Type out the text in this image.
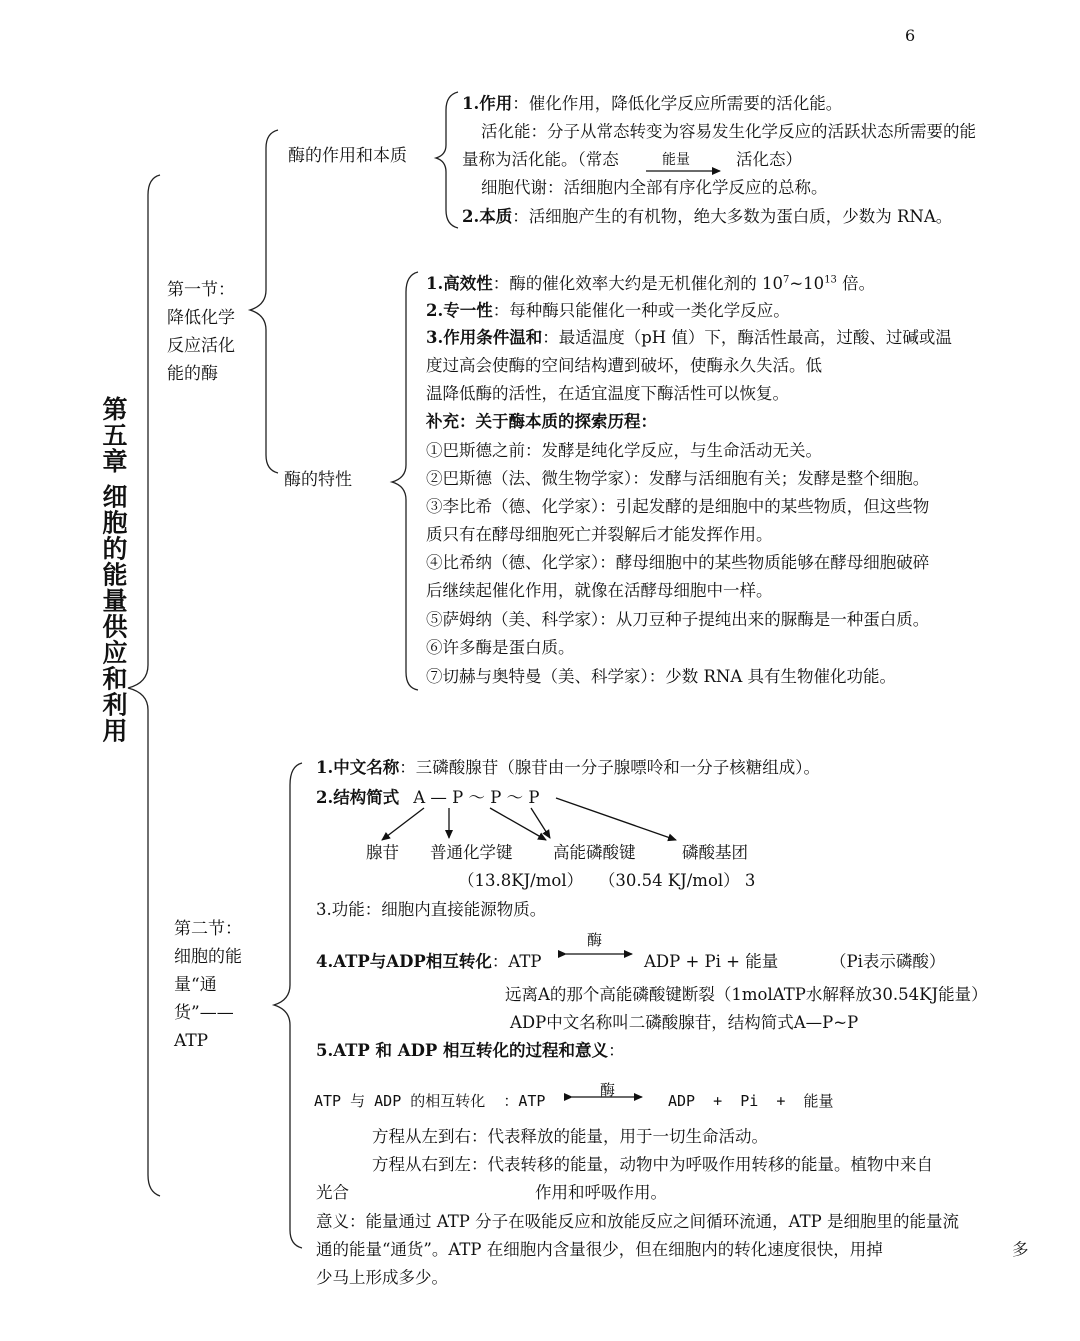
6
第五章 细胞的能量供应和利用
第一节：降低化学反应活化能的酶
酶的作用和本质
1.作用：催化作用，降低化学反应所需要的活化能。
活化能：分子从常态转变为容易发生化学反应的活跃状态所需要的能
量称为活化能。（常态	能量	活化态）
细胞代谢：活细胞内全部有序化学反应的总称。
2.本质：活细胞产生的有机物，绝大多数为蛋白质，少数为 RNA。
酶的特性
1.高效性：酶的催化效率大约是无机催化剂的 $10^7\sim 10^{13}$ 倍。
2.专一性：每种酶只能催化一种或一类化学反应。
3.作用条件温和：最适温度（pH 值）下，酶活性最高，过酸、过碱或温
度过高会使酶的空间结构遭到破坏，使酶永久失活。低
温降低酶的活性，在适宜温度下酶活性可以恢复。
补充：关于酶本质的探索历程：
①巴斯德之前：发酵是纯化学反应，与生命活动无关。
②巴斯德（法、微生物学家）：发酵与活细胞有关；发酵是整个细胞。
③李比希（德、化学家）：引起发酵的是细胞中的某些物质，但这些物
质只有在酵母细胞死亡并裂解后才能发挥作用。
④比希纳（德、化学家）：酵母细胞中的某些物质能够在酵母细胞破碎
后继续起催化作用，就像在活酵母细胞中一样。
⑤萨姆纳（美、科学家）：从刀豆种子提纯出来的脲酶是一种蛋白质。
⑥许多酶是蛋白质。
⑦切赫与奥特曼（美、科学家）：少数 RNA 具有生物催化功能。
第二节：细胞的能量“通货”——ATP
1.中文名称：三磷酸腺苷（腺苷由一分子腺嘌呤和一分子核糖组成）。
2.结构简式 A — P ～ P ～ P
腺苷 普通化学键 高能磷酸键	磷酸基团
（13.8KJ/mol）   （30.54 KJ/mol） 3
3.功能：细胞内直接能源物质。
酶
4.ATP与ADP相互转化：ATP	ADP + Pi + 能量	（Pi表示磷酸）
远离A的那个高能磷酸键断裂（1molATP水解释放30.54KJ能量）
ADP中文名称叫二磷酸腺苷，结构简式A—P~P
5.ATP 和 ADP 相互转化的过程和意义：
酶
ATP 与 ADP 的相互转化  ：ATP	ADP  +  Pi  +  能量
方程从左到右：代表释放的能量，用于一切生命活动。
方程从右到左：代表转移的能量，动物中为呼吸作用转移的能量。植物中来自
光合	作用和呼吸作用。
意义：能量通过 ATP 分子在吸能反应和放能反应之间循环流通，ATP 是细胞里的能量流
通的能量“通货”。ATP 在细胞内含量很少，但在细胞内的转化速度很快，用掉	多
少马上形成多少。
